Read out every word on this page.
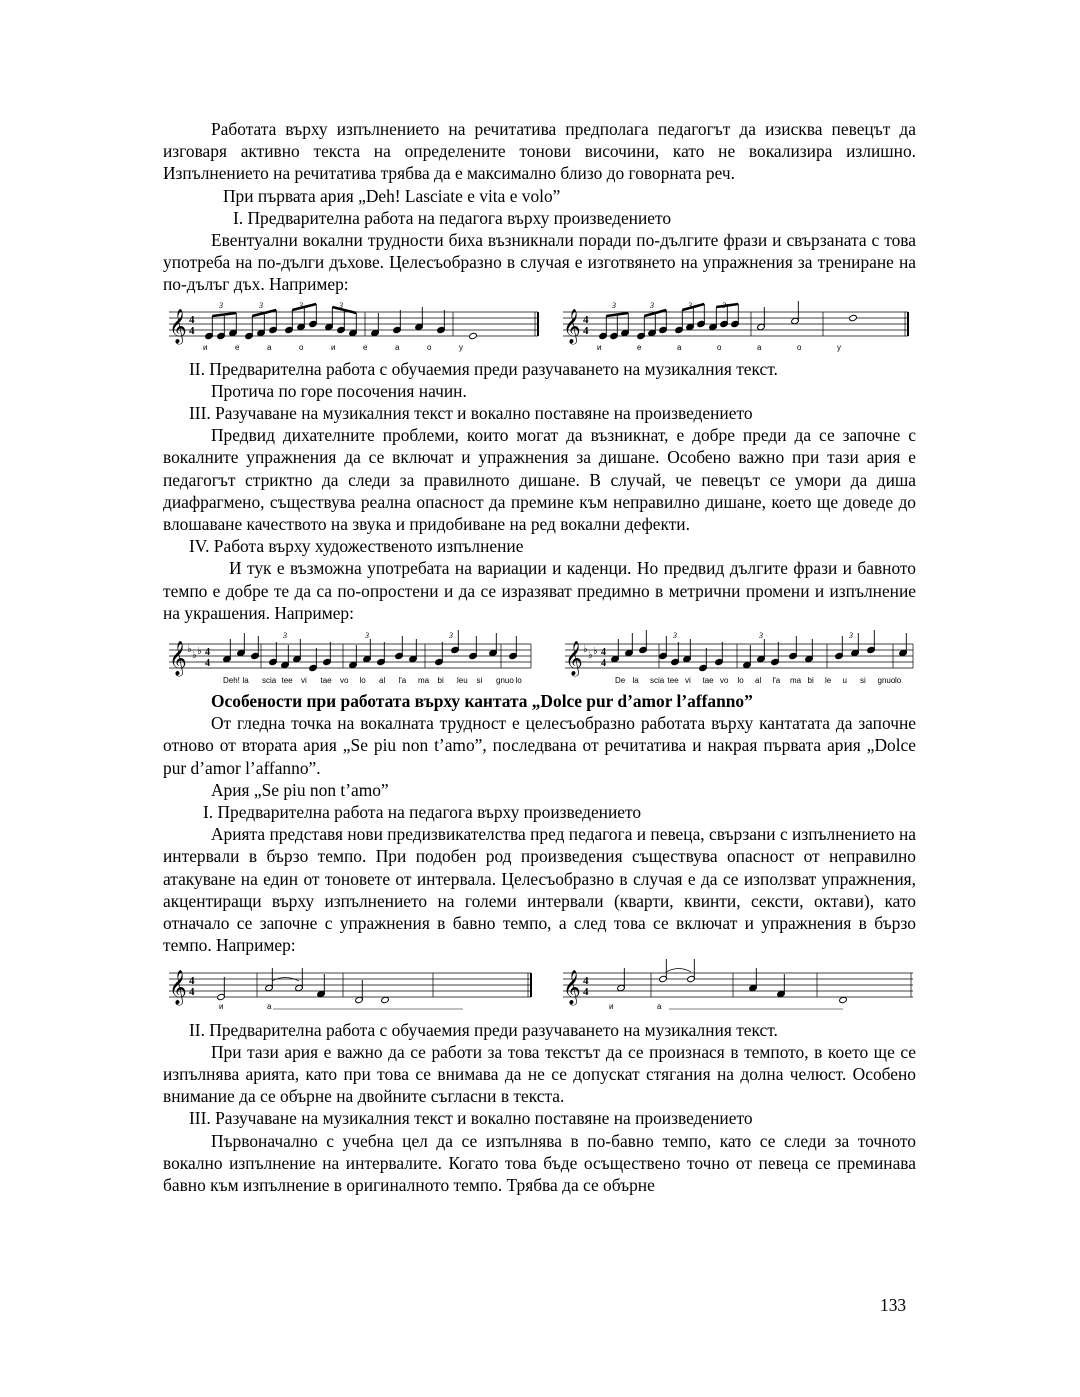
Работата върху изпълнението на речитатива предполага педагогът да изисква певецът да изговаря активно текста на определените тонови височини, като не вокализира излишно. Изпълнението на речитатива трябва да е максимално близо до говорната реч.

При първата ария „Deh! Lasciate e vita e volo”

I. Предварителна работа на педагога върху произведението

Евентуални вокални трудности биха възникнали поради по-дългите фрази и свързаната с това употреба на по-дълги дъхове. Целесъобразно в случая е изготвянето на упражнения за трениране на по-дълъг дъх. Например:

𝄞 4
4	𝄞 4
4
3	3	3	3	3	3	3	3
и	е	а	о	и	е	а	о	у	и	е	а	о	а	о	у

II. Предварителна работа с обучаемия преди разучаването на музикалния текст.

Протича по горе посочения начин.

III. Разучаване на музикалния текст и вокално поставяне на произведението

Предвид дихателните проблеми, които могат да възникнат, е добре преди да се започне с вокалните упражнения да се включат и упражнения за дишане. Особено важно при тази ария е педагогът стриктно да следи за правилното дишане. В случай, че певецът се умори да диша диафрагмено, съществува реална опасност да премине към неправилно дишане, което ще доведе до влошаване качеството на звука и придобиване на ред вокални дефекти.

IV. Работа върху художественото изпълнение

И тук е възможна употребата на вариации и каденци. Но предвид дългите фрази и бавното темпо е добре те да са по-опростени и да се изразяват предимно в метрични промени и изпълнение на украшения. Например:

𝄞	𝄞
♭
♭ ♭	♭
♭ ♭
4
4
4
4
3	3	3	3	3	3
Deh! la scia tee vi tae vo lo al l'a ma bi leu si gnuo lo	De la scia tee vi tae vo lo al l'a ma bi le u si gnuo lo

Особености при работата върху кантата „Dolce pur d’amor l’affanno”

От гледна точка на вокалната трудност е целесъобразно работата върху кантатата да започне отново от втората ария „Se piu non t’amo”, последвана от речитатива и накрая първата ария „Dolce pur d’amor l’affanno”.

Ария „Se piu non t’amo”

I. Предварителна работа на педагога върху произведението

Арията представя нови предизвикателства пред педагога и певеца, свързани с изпълнението на интервали в бързо темпо. При подобен род произведения съществува опасност от неправилно атакуване на един от тоновете от интервала. Целесъобразно в случая е да се използват упражнения, акцентиращи върху изпълнението на големи интервали (кварти, квинти, сексти, октави), като отначало се започне с упражнения в бавно темпо, а след това се включат и упражнения в бързо темпо. Например:

𝄞 4
4	𝄞 4
4
и	а	и	а

II. Предварителна работа с обучаемия преди разучаването на музикалния текст.

При тази ария е важно да се работи за това текстът да се произнася в темпото, в което ще се изпълнява арията, като при това се внимава да не се допускат стягания на долна челюст. Особено внимание да се обърне на двойните съгласни в текста.

III. Разучаване на музикалния текст и вокално поставяне на произведението

Първоначално с учебна цел да се изпълнява в по-бавно темпо, като се следи за точното вокално изпълнение на интервалите. Когато това бъде осъществено точно от певеца се преминава бавно към изпълнение в оригиналното темпо. Трябва да се обърне

133
